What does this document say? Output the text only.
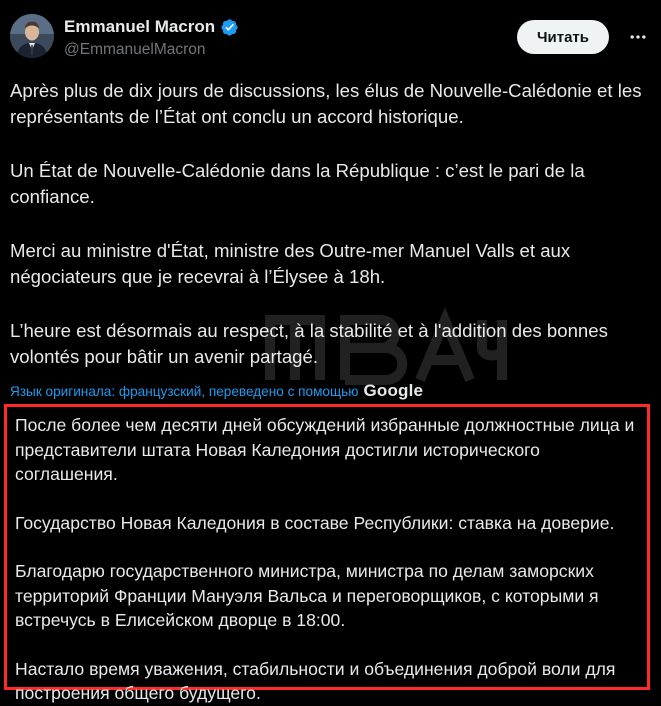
Emmanuel Macron
@EmmanuelMacron
Читать

Après plus de dix jours de discussions, les élus de Nouvelle-Calédonie et les représentants de l’État ont conclu un accord historique.

Un État de Nouvelle-Calédonie dans la République : c’est le pari de la confiance.

Merci au ministre d'État, ministre des Outre-mer Manuel Valls et aux négociateurs que je recevrai à l’Élysee à 18h.

L’heure est désormais au respect, à la stabilité et à l'addition des bonnes volontés pour bâtir un avenir partagé.

Язык оригинала: французский, переведено с помощью Google

После более чем десяти дней обсуждений избранные должностные лица и представители штата Новая Каледония достигли исторического соглашения.

Государство Новая Каледония в составе Республики: ставка на доверие.

Благодарю государственного министра, министра по делам заморских территорий Франции Мануэля Вальса и переговорщиков, с которыми я встречусь в Елисейском дворце в 18:00.

Настало время уважения, стабильности и объединения доброй воли для построения общего будущего.
